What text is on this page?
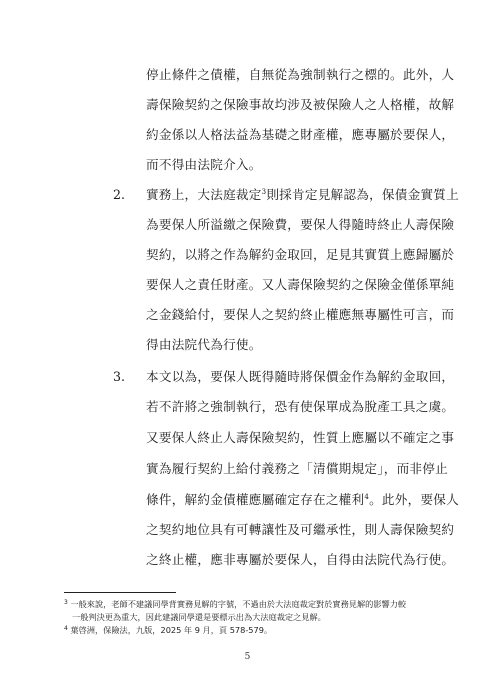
停止條件之債權，自無從為強制執行之標的。此外，人
壽保險契約之保險事故均涉及被保險人之人格權，故解
約金係以人格法益為基礎之財產權，應專屬於要保人，
而不得由法院介入。
2. 實務上，大法庭裁定$^3$則採肯定見解認為，保債金實質上
為要保人所溢繳之保險費，要保人得隨時終止人壽保險
契約，以將之作為解約金取回，足見其實質上應歸屬於
要保人之責任財產。又人壽保險契約之保險金僅係單純
之金錢給付，要保人之契約終止權應無專屬性可言，而
得由法院代為行使。
3. 本文以為，要保人既得隨時將保價金作為解約金取回，
若不許將之強制執行，恐有使保單成為脫產工具之虞。
又要保人終止人壽保險契約，性質上應屬以不確定之事
實為履行契約上給付義務之「清償期規定」，而非停止
條件，解約金債權應屬確定存在之權利$^4$。此外，要保人
之契約地位具有可轉讓性及可繼承性，則人壽保險契約
之終止權，應非專屬於要保人，自得由法院代為行使。
$^3$ 一般來說，老師不建議同學背實務見解的字號，不過由於大法庭裁定對於實務見解的影響力較
一般判決更為重大，因此建議同學還是要標示出為大法庭裁定之見解。
$^4$ 葉啓洲，保險法，九版，2025 年 9 月，頁 578-579。
5
